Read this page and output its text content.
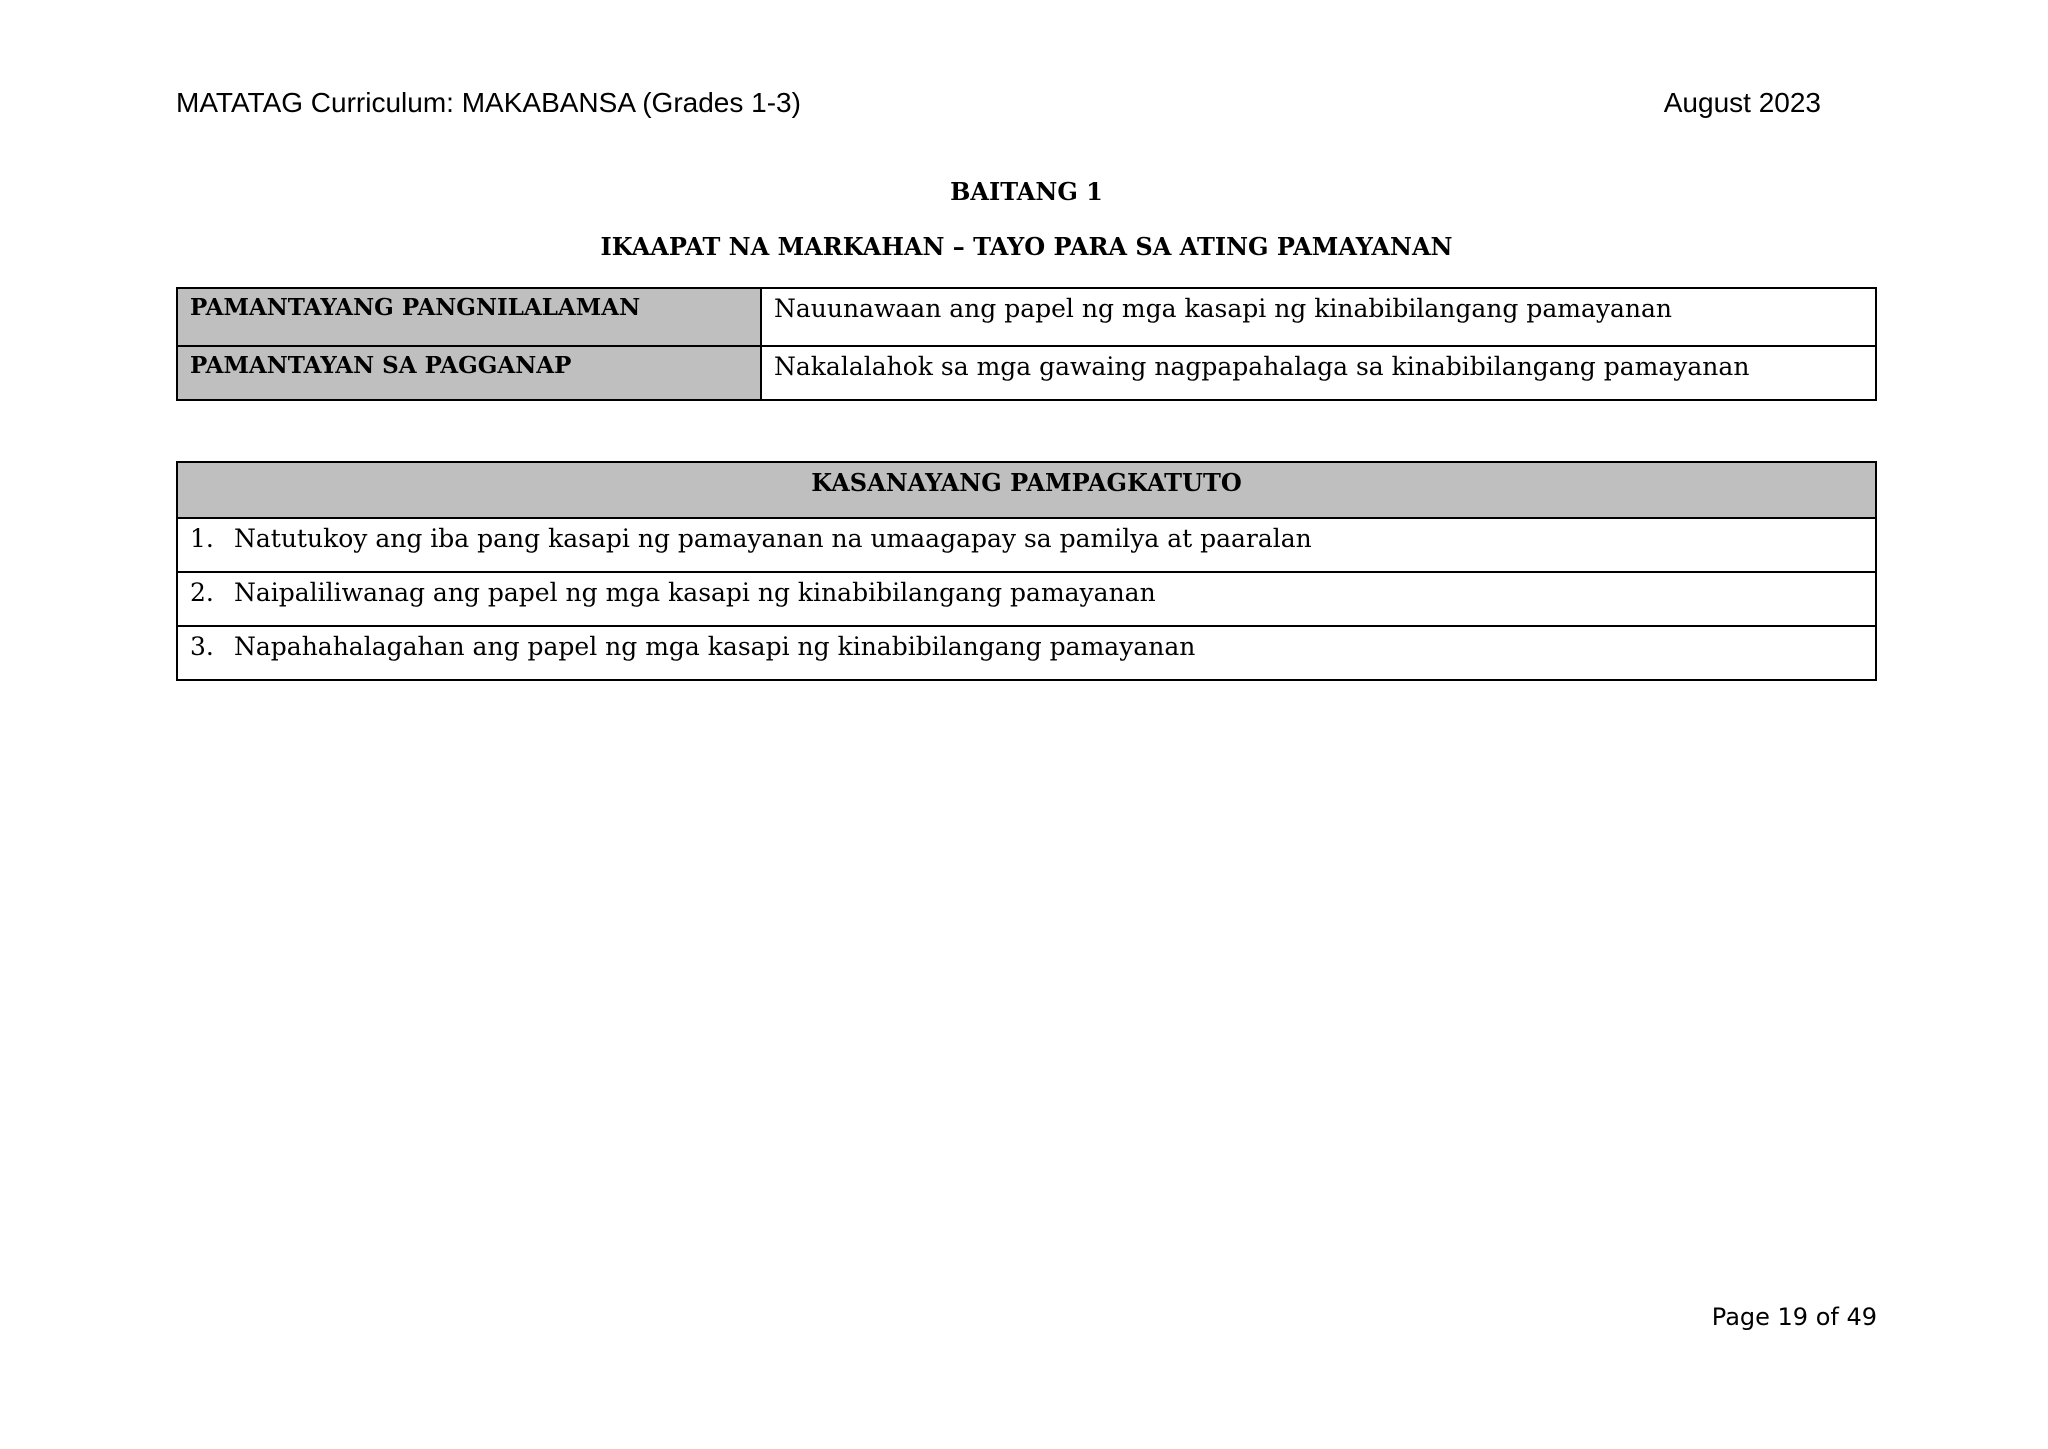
MATATAG Curriculum: MAKABANSA (Grades 1-3)	August 2023
BAITANG 1
IKAAPAT NA MARKAHAN – TAYO PARA SA ATING PAMAYANAN
PAMANTAYANG PANGNILALAMAN	Nauunawaan ang papel ng mga kasapi ng kinabibilangang pamayanan
PAMANTAYAN SA PAGGANAP	Nakalalahok sa mga gawaing nagpapahalaga sa kinabibilangang pamayanan
KASANAYANG PAMPAGKATUTO
1. Natutukoy ang iba pang kasapi ng pamayanan na umaagapay sa pamilya at paaralan
2. Naipaliliwanag ang papel ng mga kasapi ng kinabibilangang pamayanan
3. Napahahalagahan ang papel ng mga kasapi ng kinabibilangang pamayanan
Page 19 of 49
